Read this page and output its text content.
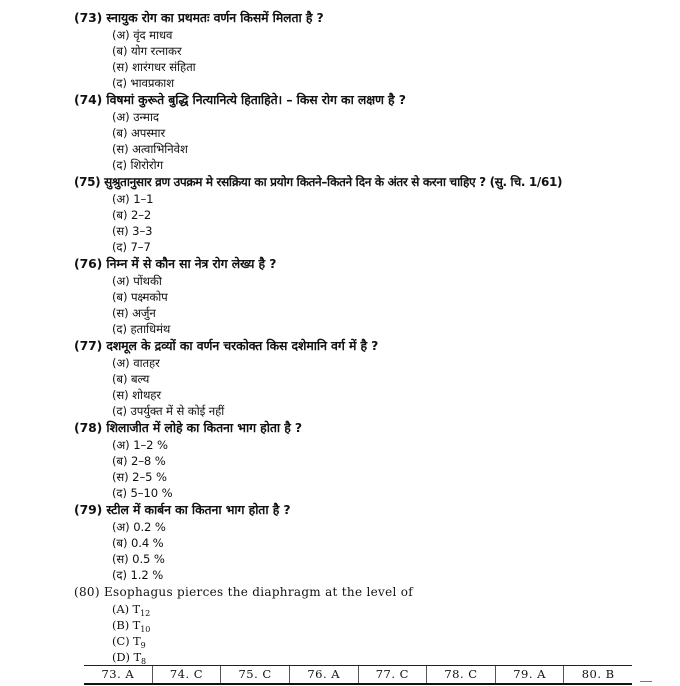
(73) स्नायुक रोग का प्रथमतः वर्णन किसमें मिलता है ?
(अ) वृंद माधव
(ब) योग रत्नाकर
(स) शारंगधर संहिता
(द) भावप्रकाश
(74) विषमां कुरूते बुद्धि नित्यानित्ये हिताहिते। – किस रोग का लक्षण है ?
(अ) उन्माद
(ब) अपस्मार
(स) अत्वाभिनिवेश
(द) शिरोरोग
(75) सुश्रुतानुसार व्रण उपक्रम मे रसक्रिया का प्रयोग कितने–कितने दिन के अंतर से करना चाहिए ? (सु. चि. 1/61)
(अ) 1–1
(ब) 2–2
(स) 3–3
(द) 7–7
(76) निम्न में से कौन सा नेत्र रोग लेख्य है ?
(अ) पोंथकी
(ब) पक्ष्मकोप
(स) अर्जुन
(द) हताधिमंथ
(77) दशमूल के द्रव्यों का वर्णन चरकोक्त किस दशेमानि वर्ग में है ?
(अ) वातहर
(ब) बल्य
(स) शोथहर
(द) उपर्युक्त में से कोई नहीं
(78) शिलाजीत में लोहे का कितना भाग होता है ?
(अ) 1–2 %
(ब) 2–8 %
(स) 2–5 %
(द) 5–10 %
(79) स्टील में कार्बन का कितना भाग होता है ?
(अ) 0.2 %
(ब) 0.4 %
(स) 0.5 %
(द) 1.2 %
(80) Esophagus pierces the diaphragm at the level of
(A) $T_{12}$
(B) $T_{10}$
(C) $T_9$
(D) $T_8$
73. A	74. C	75. C	76. A	77. C	78. C	79. A	80. B
